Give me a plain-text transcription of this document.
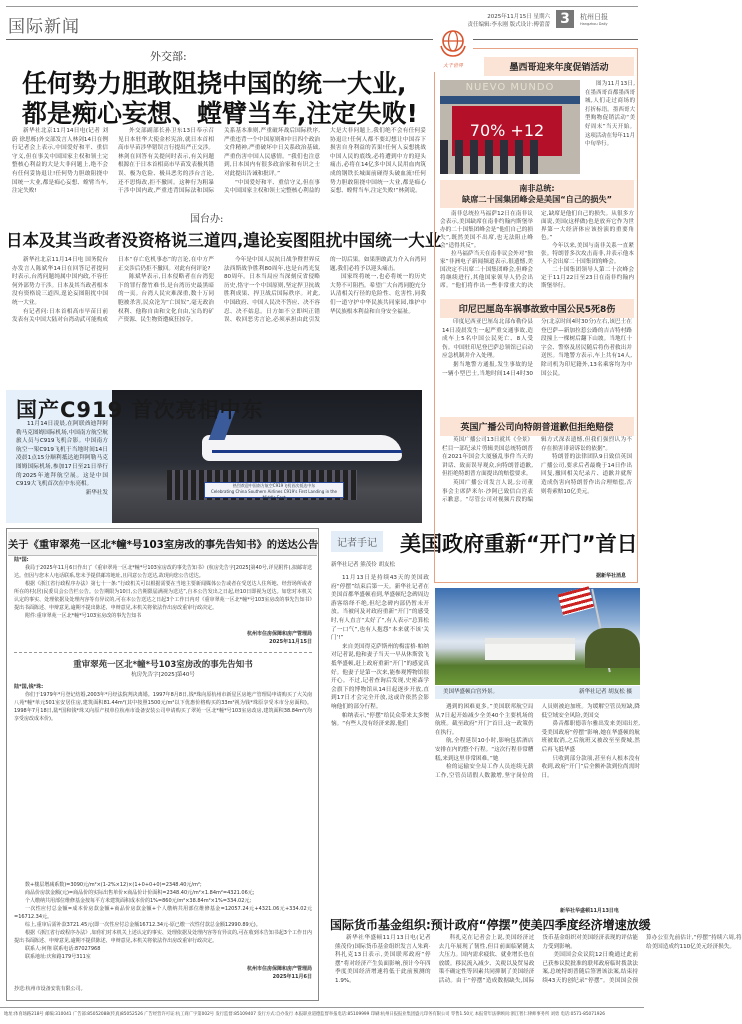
国际新闻	2025年11月15日 星期六
责任编辑:李永刚 版式设计:傅蕾蕾 3	杭州日报
Hangzhou Daily
外交部:
任何势力胆敢阻挠中国的统一大业,
都是痴心妄想、螳臂当车,注定失败!
新华社北京11月14日电(记者 刘蔚 徐思栎)外交部发言人林剑14日在例行记者会上表示,中国爱好和平、重信守义,但在事关中国国家主权和领土完整核心利益的大是大非问题上,绝不会有任何妥协退让!任何势力胆敢阻挠中国统一大业,都是痴心妄想、螳臂当车,注定失败!
外交部副部长孙卫东13日奉示召见日本驻华大使金杉宪治,就日本首相高市早苗涉华错误言行提出严正交涉。林剑在回答有关提问时表示,有关问题根源在于日本首相高市早苗发表极其错误、极为危险、极具恶劣的涉台言论,还不思悔改,拒不撤回。这种行为粗暴干涉中国内政,严重违背国际法和国际关系基本准则,严重破坏战后国际秩序,严重违背一个中国原则和中日四个政治文件精神,严重破坏中日关系政治基础,严重伤害中国人民感情。“我们也注意到,日本国内有很多政治家和有识之士对此提出告诫和批评。”
“中国爱好和平、重信守义,但在事关中国国家主权和领土完整核心利益的大是大非问题上,我们绝不会有任何妥协退让!任何人都不要幻想让中国吞下损害自身利益的苦果!任何人妄想挑战中国人民的底线,必将遭到中方的迎头痛击,必将在14亿多中国人民用血肉筑成的钢铁长城面前碰得头破血流!任何势力胆敢阻挠中国统一大业,都是痴心妄想、螳臂当车,注定失败!”林剑说。
国台办:
日本及其当政者没资格说三道四,遑论妄图阻扰中国统一大业
新华社北京11月14日电 国务院台办发言人陈斌华14日在回答记者提问时表示,台湾问题纯属中国内政,不容任何外部势力干涉。日本及其当政者根本没有资格说三道四,遑论妄图阻扰中国统一大业。
有记者问:日本首相高市早苗日前发表有关中国大陆对台湾动武可能构成日本“存亡危机事态”的言论,在中方严正交涉后仍拒不撤回。对此有何评论?
陈斌华表示,日本侵略者在台湾犯下的罪行罄竹难书,是台湾历史最黑暗的一页。台湾人民灾难深重,数十万同胞被杀害,民众沦为“亡国奴”,毫无政治权利、他称自由和文化自由,宝岛的矿产资源、民生物资遭疯狂掠夺。
今年是中国人民抗日战争暨世界反法西斯战争胜利80周年,也是台湾光复80周年。日本当局应当深刻反省侵略历史,恪守一个中国原则,坚定捍卫抗战胜利成果、捍卫战后国际秩序。对此,中国政府、中国人民决不答应、决不容忍、决不姑息。日方如不立即纠正错误、收回恶劣言论,必须承担由此引发的一切后果。如果胆敢武力介入台湾问题,我们必将予以迎头痛击。
国家终将统一,也必将统一的历史大势不可阻挡。希望广大台湾同胞充分认清相关行径的危险性、危害性,同我们一道守护中华民族共同家园,维护中华民族根本利益和自身安全福祉。
热烈欢迎中国南方航空C919飞机首次抵达中东
Celebrating China Southern Airlines C919's First Landing in the Middle East
国产C919 首次亮相中东
11月14日凌晨,在阿联酋迪拜阿勒马克图姆国际机场,中国南方航空航旅人员与C919飞机合影。中国南方航空一架C919飞机于当地时间14日凌晨1点15分顺利抵达迪拜阿勒马克图姆国际机场,参加17日至21日举行的2025年迪拜航空展。这是中国C919大飞机首次在中东亮相。
新华社发
关于《重审翠苑一区北*幢*号103室房改的事先告知书》的送达公告
陆*国:
我局于2025年11月6日作出了《重审翠苑一区北*幢*号103室房改的事先告知书》(杭房先告字[2025]第40号,详见附件),拟邮寄送达。但因与您本人电话联系,您未予提供邮寄地址,且同意公告送达,故现向您公告送达。
根据《浙江省行政程序办法》第七十一条:“行政机关可以根据需要在当地主要新闻媒体公告或者在受送达人住所地、经营场所或者所在的村(居)民委员会公告栏公告。公告期限为10日,公告期限届满视为送达”,自本公告发出之日起,经10日即视为送达。如您对本机关认定的事实、处理依据及处理内容等有异议的,可在本公告送达之日起3个工作日内对《重审翠苑一区北*幢*号103室房改的事先告知书》提出书面陈述、申辩意见,逾期不提出陈述、申辩意见,本机关将依法作出房改重审行政决定。
附件:重审翠苑一区北*幢*号103室房改的事先告知书
杭州市住房保障和房产管理局
2025年11月15日
重审翠苑一区北*幢*号103室房改的事先告知书
杭房先告字[2025]第40号
陆*国,钱*珠:
你们于1979年*月登记结婚,2003年*月经法院判决离婚。1997年8月8日,钱*珠向原杭州市新星区房地产管理局申请购买了大关南八苑*幢*单元501室安居住房,建筑面积81.44m²(其中按照1500元/m²以下优惠价格购买的33m²视为钱*珠原享受本市分房面积)。1998年7月18日,陆*国和钱*珠又向原产权单位杭州市设备安装公司申请购买了翠苑一区北*幢*号103室房改房,建筑面积38.84m²(均享受房改成本价)。
数+楼层增减系数)=3090元/m²×(1-2%×12)×(1+0+0+0)=2348.40元/m²;
商品价房款金额(元)=商品价的实际出售单价×商品价计价面积=2348.40元/m²×1.84m²=4321.06元;
个人缴纳共用部位维修基金按每平方米建筑面积成本价的1%=860元/m²×38.84m²×1%=334.02元;
一次性应付总金额=成本价房款金额+商品价房款金额+个人缴纳共用部位维修基金=12057.24元+4321.06元+334.02元=16712.34元。
综上,重审后需补款3721.45元(即一次性应付总金额16712.34元-原已缴一次性付款总金额12990.89元)。
根据《浙江省行政程序办法》,如你们对本机关上述认定的事实、处理依据及处理内容等有异议的,可在收到本告知书起3个工作日内提出书面陈述、申辩意见,逾期不提供陈述、申辩意见,本机关将依法作出房改重审行政决定。
联系人:何翔 联系电话:87027968
联系地址:庆和路179号311室
杭州市住房保障和房产管理局
2025年11月6日
抄送:杭州市设备安装有限公司。
记者手记 美国政府重新“开门”首日
新华社记者 熊茂伶 胡友松
11月13日是持续43天的美国政府“停摆”结束后第一天。新华社记者在美国首都华盛顿看到,华盛顿纪念碑周边游客络绎不绝,但纪念碑内部仍暂未开放。当被问及对政府重新“开门”的感受时,有人直言“太好了”,有人表示“总算松了一口气”,也有人抱怨“本来就不该‘关门’!”
来自美国得克萨斯州的梅雷格·帕纳对记者说,他和妻子当天一早从休斯敦飞抵华盛顿,赶上政府重新“开门”的感觉真好。他妻子是第一次来,能参观博物馆很开心。不过,记者查询后发现,史密森学会旗下的博物馆从14日起逐步开放,直到17日才会完全开放,这或许依然会影响他们的部分行程。
帕纳表示,“停摆”给民众带来太多懊恼。“有些人没有经济来源,他们
美国华盛顿白宫外景。	新华社记者 胡友松 摄
遇到的困难更多。”美国联邦航空局从7日起开始减少全美40个主要机场的航班。截至政府“开门”首日,这一政策仍在执行。
航,全程延误10小时,影响包括酒店安排在内的整个行程。“这次行程非常糟糕,来到这里非常困难。”她
检的运输安全局工作人员连续无薪工作,空管员请假人数激增,坚守岗位的人员则被迫加班。为缓解空管员短缺,降低空域安全风险,美国交
鼻音都职德蒂尔雅出发来美国出差,受美国政府“停摆”影响,她在华盛顿的航班被取消,之后航班又被改至至费城,然后再飞抵华盛
只收到部分款项,甚至有人根本没有收到,政府“开门”后全额补款到位尚需时日。
新华社华盛顿11月13日电
国际货币基金组织:预计政府“停摆”使美四季度经济增速放缓
新华社华盛顿11月13日电(记者 熊茂伶)国际货币基金组织发言人朱莉·科扎克13日表示,美国联邦政府“停摆”将对经济产生负面影响,预计今年四季度美国经济增速将低于此前预测的1.9%。
科扎克在记者会上说,美国经济过去几年展现了韧性,但目前面临紧随太大压力。国内需求疲软、就业增长也在放缓。移民流入减少、关税以及贸易政策不确定性等因素共同抑制了美国经济活动。由于“停摆”造成数据缺失,国际货币基金组织对美国经济表现的评估能力受到影响。
美国国会众议院12日晚通过此前已获参议院批准的联邦政府临时拨款法案,总统特朗普随后签署该法案,结束持续43天的创纪录“停摆”。美国国会预算办公室先前估计,“停摆”持续六周,将给美国造成约110亿美元经济损失。
大千世界	墨西哥迎来年度促销活动
NUEVO MUNDO
70% +12
图为11月13日,在墨西哥首都墨西哥城,人们走过商场的打折标语。墨西哥大型购物促销活动“美好周末”当天开始。这项活动在每年11月中旬举行。
南非总统:
缺席二十国集团峰会是美国“自己的损失”
南非总统拉马福萨12日在南非议会表示,美国缺席在南非约翰内斯堡举办的二十国集团峰会是“他们自己的损失”,既然美国不出席,也无法阻止峰会“适得其反”。
拉马福萨当天在南非议会外对“独家”非洲电子新闻频道表示,很遗憾,美国决定不出席二十国集团峰会,但峰会将继续进行,其他国家领导人仍会出席。“他们将作出一些非常重大的决定,缺席是他们自己的损失。从很多方面说,美国(这样做)也是放弃它作为世界第一大经济体应该扮演的重要角色。”
今年以来,美国与南非关系一直紧张。特朗普多次攻击南非,并表示他本人不会出席二十国集团的峰会。
二十国集团领导人第二十次峰会定于11月22日至23日在南非约翰内斯堡举行。
印尼巴厘岛车祸事故致中国公民5死8伤
印度尼西亚巴厘岛北部布勒伶县14日凌晨发生一起严重交通事故,造成车上5名中国公民死亡、8人受伤。中国驻印尼登巴萨总领馆已启动应急机制并介入处理。
据当地警方通报,发生事故的是一辆小型巴士,当地时间14日4时30分(北京时间4时30分)左右,该巴士在登巴萨—新加拉惹公路的吉吉特村路段撞上一棵树后翻下山坡。当地红十字会、警察及居民随后将伤者救出并送医。当地警方表示,车上共有14人,除司机为印尼籍外,13名乘客均为中国公民。
英国广播公司向特朗普道歉但拒绝赔偿
英国广播公司13日就其《全景》栏目一部纪录片剪辑美国总统特朗普在2021年国会大厦骚乱事件当天的讲话、致而误导观众,向特朗普道歉,但拒绝特朗普方面提出的赔偿要求。
英国广播公司发言人说,公司董事会主席萨米尔·沙阿已致信白宫表示歉意。“尽管公司对视频片段的编辑方式深表遗憾,但我们强烈认为不存在损害诽谤诉讼的依据”。
特朗普的法律团队9日致信英国广播公司,要求后者最晚于14日作出回复,撤回相关纪录片、道歉并就所造成伤害向特朗普作出合理赔偿,否则将索赔10亿美元。
据新华社消息
地址:体育场路218号 邮编:310041 广告部:85052088(传真)85052526 广告经营许可证:杭工商广字第002号 发行监督:85109407 发行方式:自办发行 本报职业道德监督举报电话:85109999 印刷:杭州日报报业集团盛元印务有限公司 零售1.50元 本报常年法律顾问:浙江智仁律师事务所 刘勇 电话:0571-85071926
